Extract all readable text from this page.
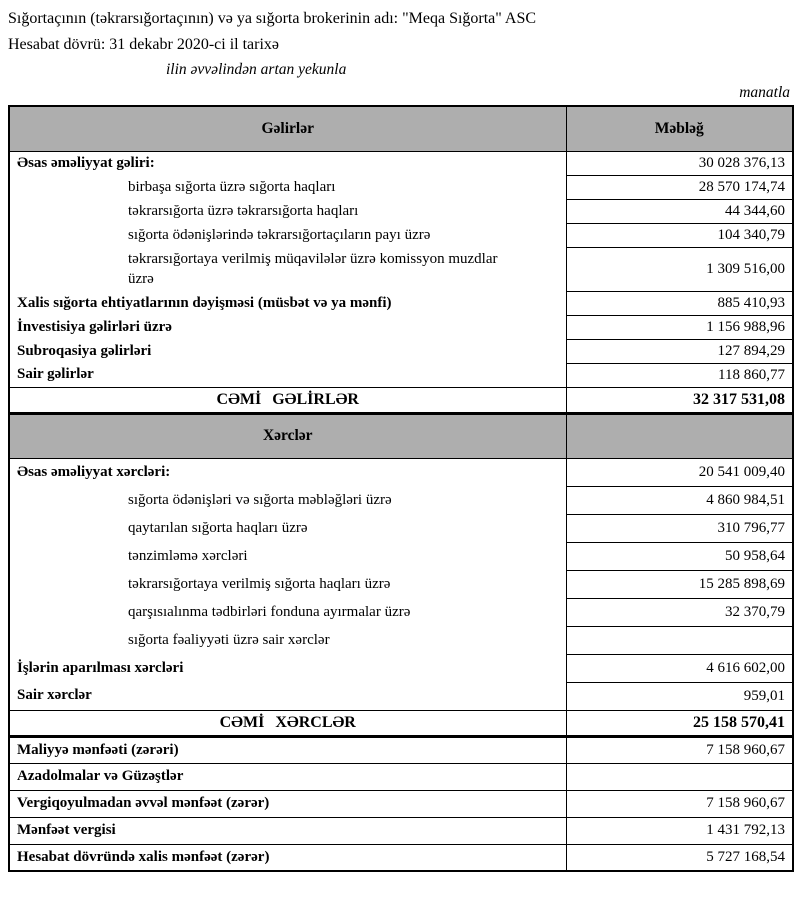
Sığortaçının (təkrarsığortaçının) və ya sığorta brokerinin adı: "Meqa Sığorta" ASC
Hesabat dövrü: 31 dekabr 2020-ci il tarixə
ilin əvvəlindən artan yekunla
manatla
Gəlirlər	Məbləğ
Əsas əməliyyat gəliri:	30 028 376,13
birbaşa sığorta üzrə sığorta haqları	28 570 174,74
təkrarsığorta üzrə təkrarsığorta haqları	44 344,60
sığorta ödənişlərində təkrarsığortaçıların payı üzrə	104 340,79
təkrarsığortaya verilmiş müqavilələr üzrə komissyon muzdlar üzrə	1 309 516,00
Xalis sığorta ehtiyatlarının dəyişməsi (müsbət və ya mənfi)	885 410,93
İnvestisiya gəlirləri üzrə	1 156 988,96
Subroqasiya gəlirləri	127 894,29
Sair gəlirlər	118 860,77
CƏMİ GƏLİRLƏR	32 317 531,08
Xərclər	
Əsas əməliyyat xərcləri:	20 541 009,40
sığorta ödənişləri və sığorta məbləğləri üzrə	4 860 984,51
qaytarılan sığorta haqları üzrə	310 796,77
tənzimləmə xərcləri	50 958,64
təkrarsığortaya verilmiş sığorta haqları üzrə	15 285 898,69
qarşısıalınma tədbirləri fonduna ayırmalar üzrə	32 370,79
sığorta fəaliyyəti üzrə sair xərclər	
İşlərin aparılması xərcləri	4 616 602,00
Sair xərclər	959,01
CƏMİ XƏRCLƏR	25 158 570,41
Maliyyə mənfəəti (zərəri)	7 158 960,67
Azadolmalar və Güzəştlər	
Vergiqoyulmadan əvvəl mənfəət (zərər)	7 158 960,67
Mənfəət vergisi	1 431 792,13
Hesabat dövründə xalis mənfəət (zərər)	5 727 168,54
